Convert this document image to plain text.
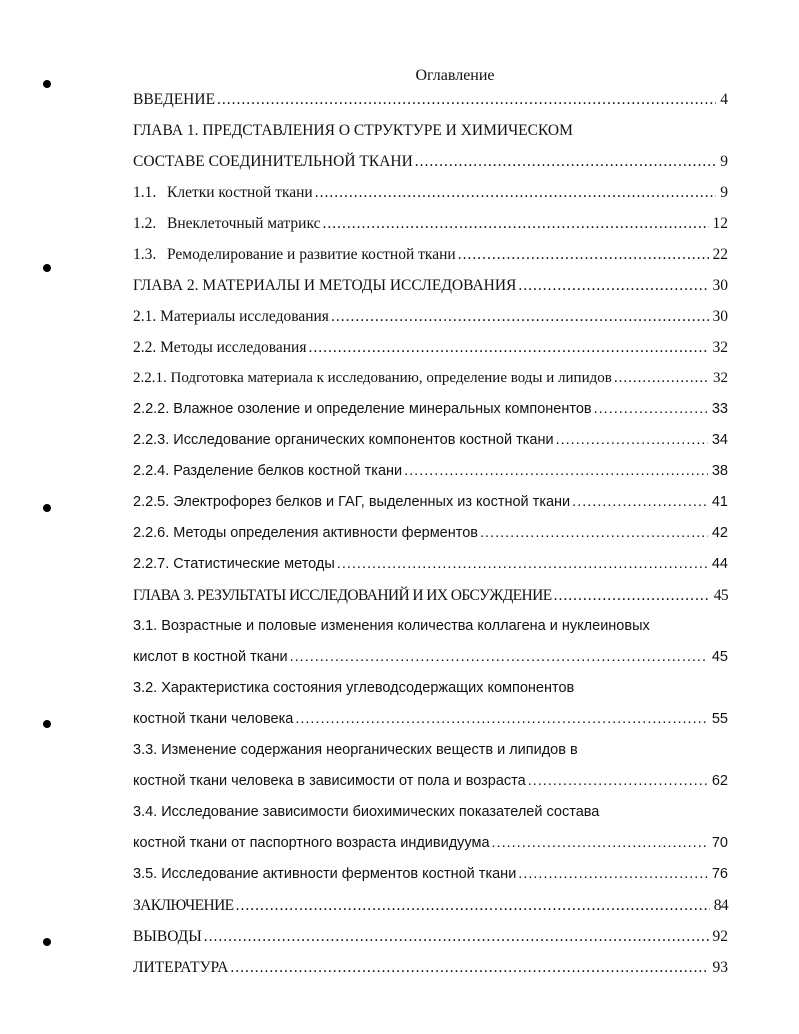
Оглавление
ВВЕДЕНИЕ .....	4
ГЛАВА 1. ПРЕДСТАВЛЕНИЯ О СТРУКТУРЕ И ХИМИЧЕСКОМ
СОСТАВЕ СОЕДИНИТЕЛЬНОЙ ТКАНИ .....	9
1.1. Клетки костной ткани .....	9
1.2. Внеклеточный матрикс .....	12
1.3. Ремоделирование и развитие костной ткани .....	22
ГЛАВА 2. МАТЕРИАЛЫ И МЕТОДЫ ИССЛЕДОВАНИЯ .....	30
2.1. Материалы исследования .....	30
2.2. Методы исследования .....	32
2.2.1. Подготовка материала к исследованию, определение воды и липидов .....	32
2.2.2. Влажное озоление и определение минеральных компонентов .....	33
2.2.3. Исследование органических компонентов костной ткани .....	34
2.2.4. Разделение белков костной ткани .....	38
2.2.5. Электрофорез белков и ГАГ, выделенных из костной ткани .....	41
2.2.6. Методы определения активности ферментов .....	42
2.2.7. Статистические методы .....	44
ГЛАВА 3. РЕЗУЛЬТАТЫ ИССЛЕДОВАНИЙ И ИХ ОБСУЖДЕНИЕ .....	45
3.1. Возрастные и половые изменения количества коллагена и нуклеиновых
кислот в костной ткани .....	45
3.2. Характеристика состояния углеводсодержащих компонентов
костной ткани человека .....	55
3.3. Изменение содержания неорганических веществ и липидов в
костной ткани человека в зависимости от пола и возраста .....	62
3.4. Исследование зависимости биохимических показателей состава
костной ткани от паспортного возраста индивидуума .....	70
3.5. Исследование активности ферментов костной ткани .....	76
ЗАКЛЮЧЕНИЕ .....	84
ВЫВОДЫ .....	92
ЛИТЕРАТУРА .....	93
